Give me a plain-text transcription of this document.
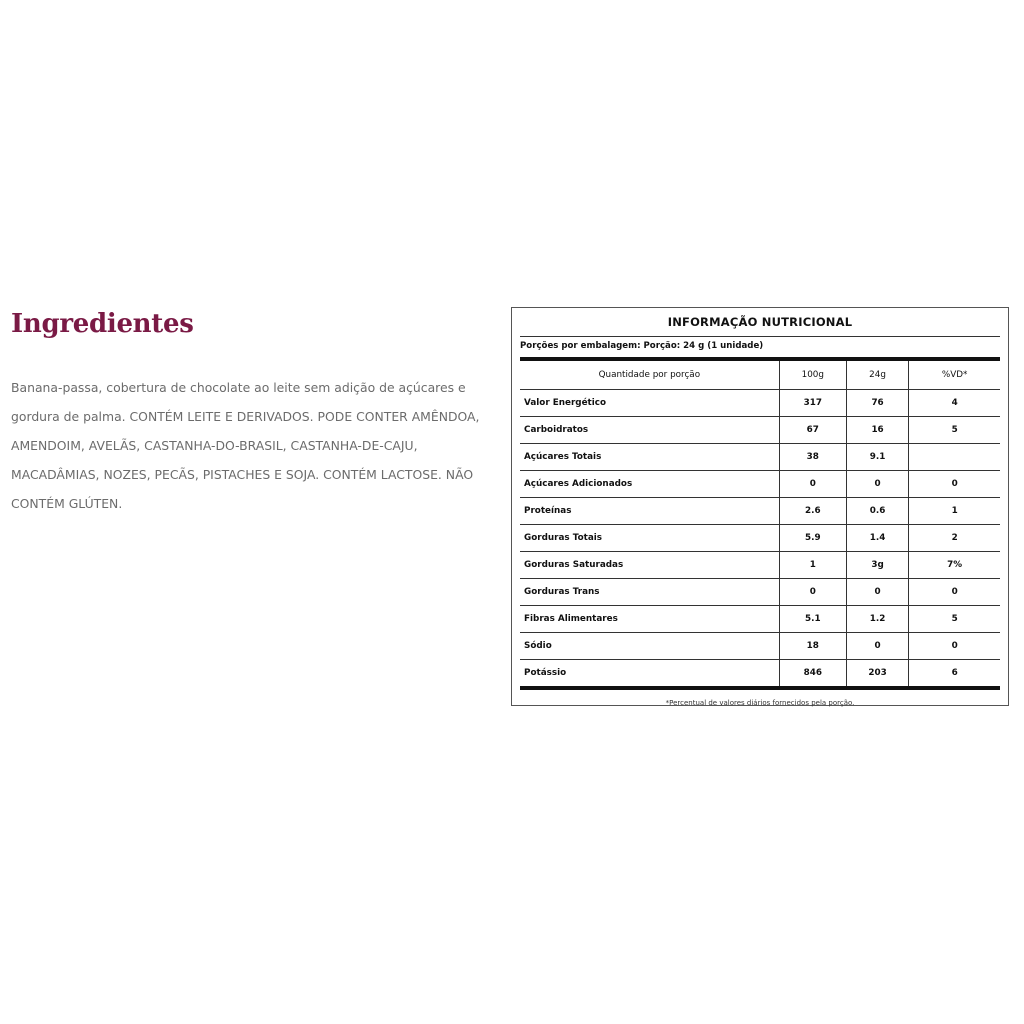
Ingredientes

Banana-passa, cobertura de chocolate ao leite sem adição de açúcares e gordura de palma. CONTÉM LEITE E DERIVADOS. PODE CONTER AMÊNDOA, AMENDOIM, AVELÃS, CASTANHA-DO-BRASIL, CASTANHA-DE-CAJU, MACADÂMIAS, NOZES, PECÃS, PISTACHES E SOJA. CONTÉM LACTOSE. NÃO CONTÉM GLÚTEN.

INFORMAÇÃO NUTRICIONAL
Porções por embalagem: Porção: 24 g (1 unidade)
Quantidade por porção	100g	24g	%VD*
Valor Energético	317	76	4
Carboidratos	67	16	5
Açúcares Totais	38	9.1	
Açúcares Adicionados	0	0	0
Proteínas	2.6	0.6	1
Gorduras Totais	5.9	1.4	2
Gorduras Saturadas	1	3g	7%
Gorduras Trans	0	0	0
Fibras Alimentares	5.1	1.2	5
Sódio	18	0	0
Potássio	846	203	6
*Percentual de valores diários fornecidos pela porção.
